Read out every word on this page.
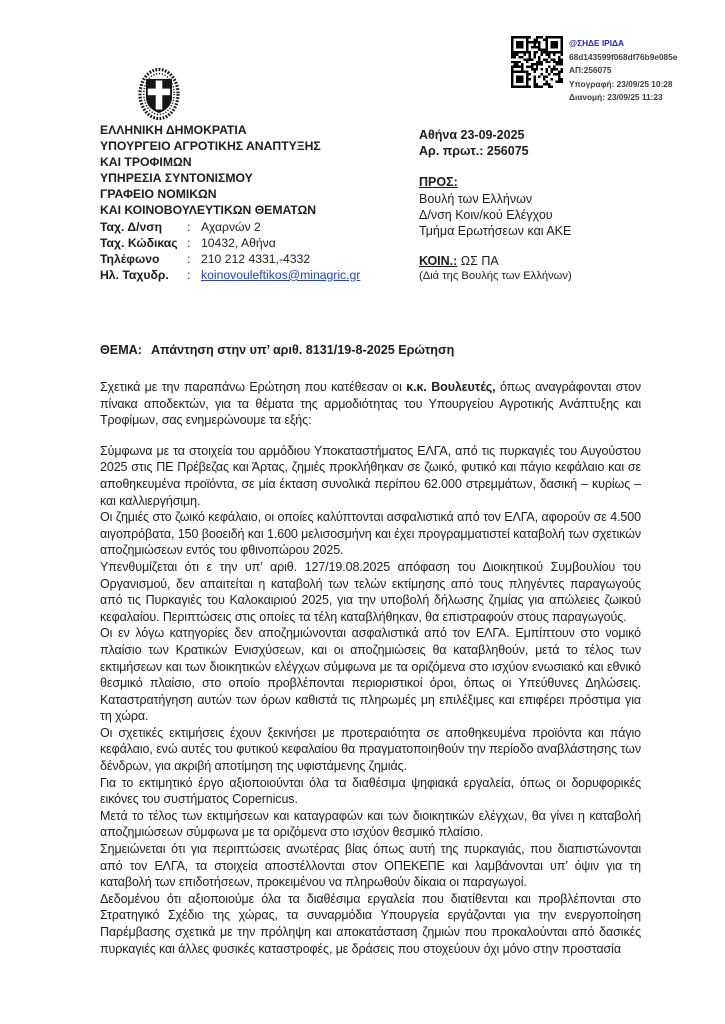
@ΣΗΔΕ ΙΡΙΔΑ
68d143599f068df76b9e085e
ΑΠ:256075
Υπογραφή: 23/09/25 10:28
Διανομή: 23/09/25 11:23
ΕΛΛΗΝΙΚΗ ΔΗΜΟΚΡΑΤΙΑ
ΥΠΟΥΡΓΕΙΟ ΑΓΡΟΤΙΚΗΣ ΑΝΑΠΤΥΞΗΣ
ΚΑΙ ΤΡΟΦΙΜΩΝ
ΥΠΗΡΕΣΙΑ ΣΥΝΤΟΝΙΣΜΟΥ
ΓΡΑΦΕΙΟ ΝΟΜΙΚΩΝ
ΚΑΙ ΚΟΙΝΟΒΟΥΛΕΥΤΙΚΩΝ ΘΕΜΑΤΩΝ
Ταχ. Δ/νση	: Αχαρνών 2
Ταχ. Κώδικας : 10432, Αθήνα
Τηλέφωνο	: 210 212 4331,-4332
Ηλ. Ταχυδρ.	: koinovouleftikos@minagric.gr
Αθήνα 23-09-2025
Αρ. πρωτ.: 256075
ΠΡΟΣ:
Βουλή των Ελλήνων
Δ/νση Κοιν/κού Ελέγχου
Τμήμα Ερωτήσεων και ΑΚΕ
ΚΟΙΝ.: ΩΣ ΠΑ
(Διά της Βουλής των Ελλήνων)
ΘΕΜΑ: Απάντηση στην υπ’ αριθ. 8131/19-8-2025 Ερώτηση

Σχετικά με την παραπάνω Ερώτηση που κατέθεσαν οι κ.κ. Βουλευτές, όπως αναγράφονται στον πίνακα αποδεκτών, για τα θέματα της αρμοδιότητας του Υπουργείου Αγροτικής Ανάπτυξης και Τροφίμων, σας ενημερώνουμε τα εξής:

Σύμφωνα με τα στοιχεία του αρμόδιου Υποκαταστήματος ΕΛΓΑ, από τις πυρκαγιές του Αυγούστου 2025 στις ΠΕ Πρέβεζας και Άρτας, ζημιές προκλήθηκαν σε ζωικό, φυτικό και πάγιο κεφάλαιο και σε αποθηκευμένα προϊόντα, σε μία έκταση συνολικά περίπου 62.000 στρεμμάτων, δασική – κυρίως – και καλλιεργήσιμη.

Οι ζημιές στο ζωικό κεφάλαιο, οι οποίες καλύπτονται ασφαλιστικά από τον ΕΛΓΑ, αφορούν σε 4.500 αιγοπρόβατα, 150 βοοειδή και 1.600 μελισοσμήνη και έχει προγραμματιστεί καταβολή των σχετικών αποζημιώσεων εντός του φθινοπώρου 2025.

Υπενθυμίζεται ότι ε την υπ’ αριθ. 127/19.08.2025 απόφαση του Διοικητικού Συμβουλίου του Οργανισμού, δεν απαιτείται η καταβολή των τελών εκτίμησης από τους πληγέντες παραγωγούς από τις Πυρκαγιές του Καλοκαιριού 2025, για την υποβολή δήλωσης ζημίας για απώλειες ζωικού κεφαλαίου. Περιπτώσεις στις οποίες τα τέλη καταβλήθηκαν, θα επιστραφούν στους παραγωγούς.

Οι εν λόγω κατηγορίες δεν αποζημιώνονται ασφαλιστικά από τον ΕΛΓΑ. Εμπίπτουν στο νομικό πλαίσιο των Κρατικών Ενισχύσεων, και οι αποζημιώσεις θα καταβληθούν, μετά το τέλος των εκτιμήσεων και των διοικητικών ελέγχων σύμφωνα με τα οριζόμενα στο ισχύον ενωσιακό και εθνικό θεσμικό πλαίσιο, στο οποίο προβλέπονται περιοριστικοί όροι, όπως οι Υπεύθυνες Δηλώσεις. Καταστρατήγηση αυτών των όρων καθιστά τις πληρωμές μη επιλέξιμες και επιφέρει πρόστιμα για τη χώρα.

Οι σχετικές εκτιμήσεις έχουν ξεκινήσει με προτεραιότητα σε αποθηκευμένα προϊόντα και πάγιο κεφάλαιο, ενώ αυτές του φυτικού κεφαλαίου θα πραγματοποιηθούν την περίοδο αναβλάστησης των δένδρων, για ακριβή αποτίμηση της υφιστάμενης ζημιάς.

Για το εκτιμητικό έργο αξιοποιούνται όλα τα διαθέσιμα ψηφιακά εργαλεία, όπως οι δορυφορικές εικόνες του συστήματος Copernicus.

Μετά το τέλος των εκτιμήσεων και καταγραφών και των διοικητικών ελέγχων, θα γίνει η καταβολή αποζημιώσεων σύμφωνα με τα οριζόμενα στο ισχύον θεσμικό πλαίσιο.

Σημειώνεται ότι για περιπτώσεις ανωτέρας βίας όπως αυτή της πυρκαγιάς, που διαπιστώνονται από τον ΕΛΓΑ, τα στοιχεία αποστέλλονται στον ΟΠΕΚΕΠΕ και λαμβάνονται υπ’ όψιν για τη καταβολή των επιδοτήσεων, προκειμένου να πληρωθούν δίκαια οι παραγωγοί.

Δεδομένου ότι αξιοποιούμε όλα τα διαθέσιμα εργαλεία που διατίθενται και προβλέπονται στο Στρατηγικό Σχέδιο της χώρας, τα συναρμόδια Υπουργεία εργάζονται για την ενεργοποίηση Παρέμβασης σχετικά με την πρόληψη και αποκατάσταση ζημιών που προκαλούνται από δασικές πυρκαγιές και άλλες φυσικές καταστροφές, με δράσεις που στοχεύουν όχι μόνο στην προστασία
